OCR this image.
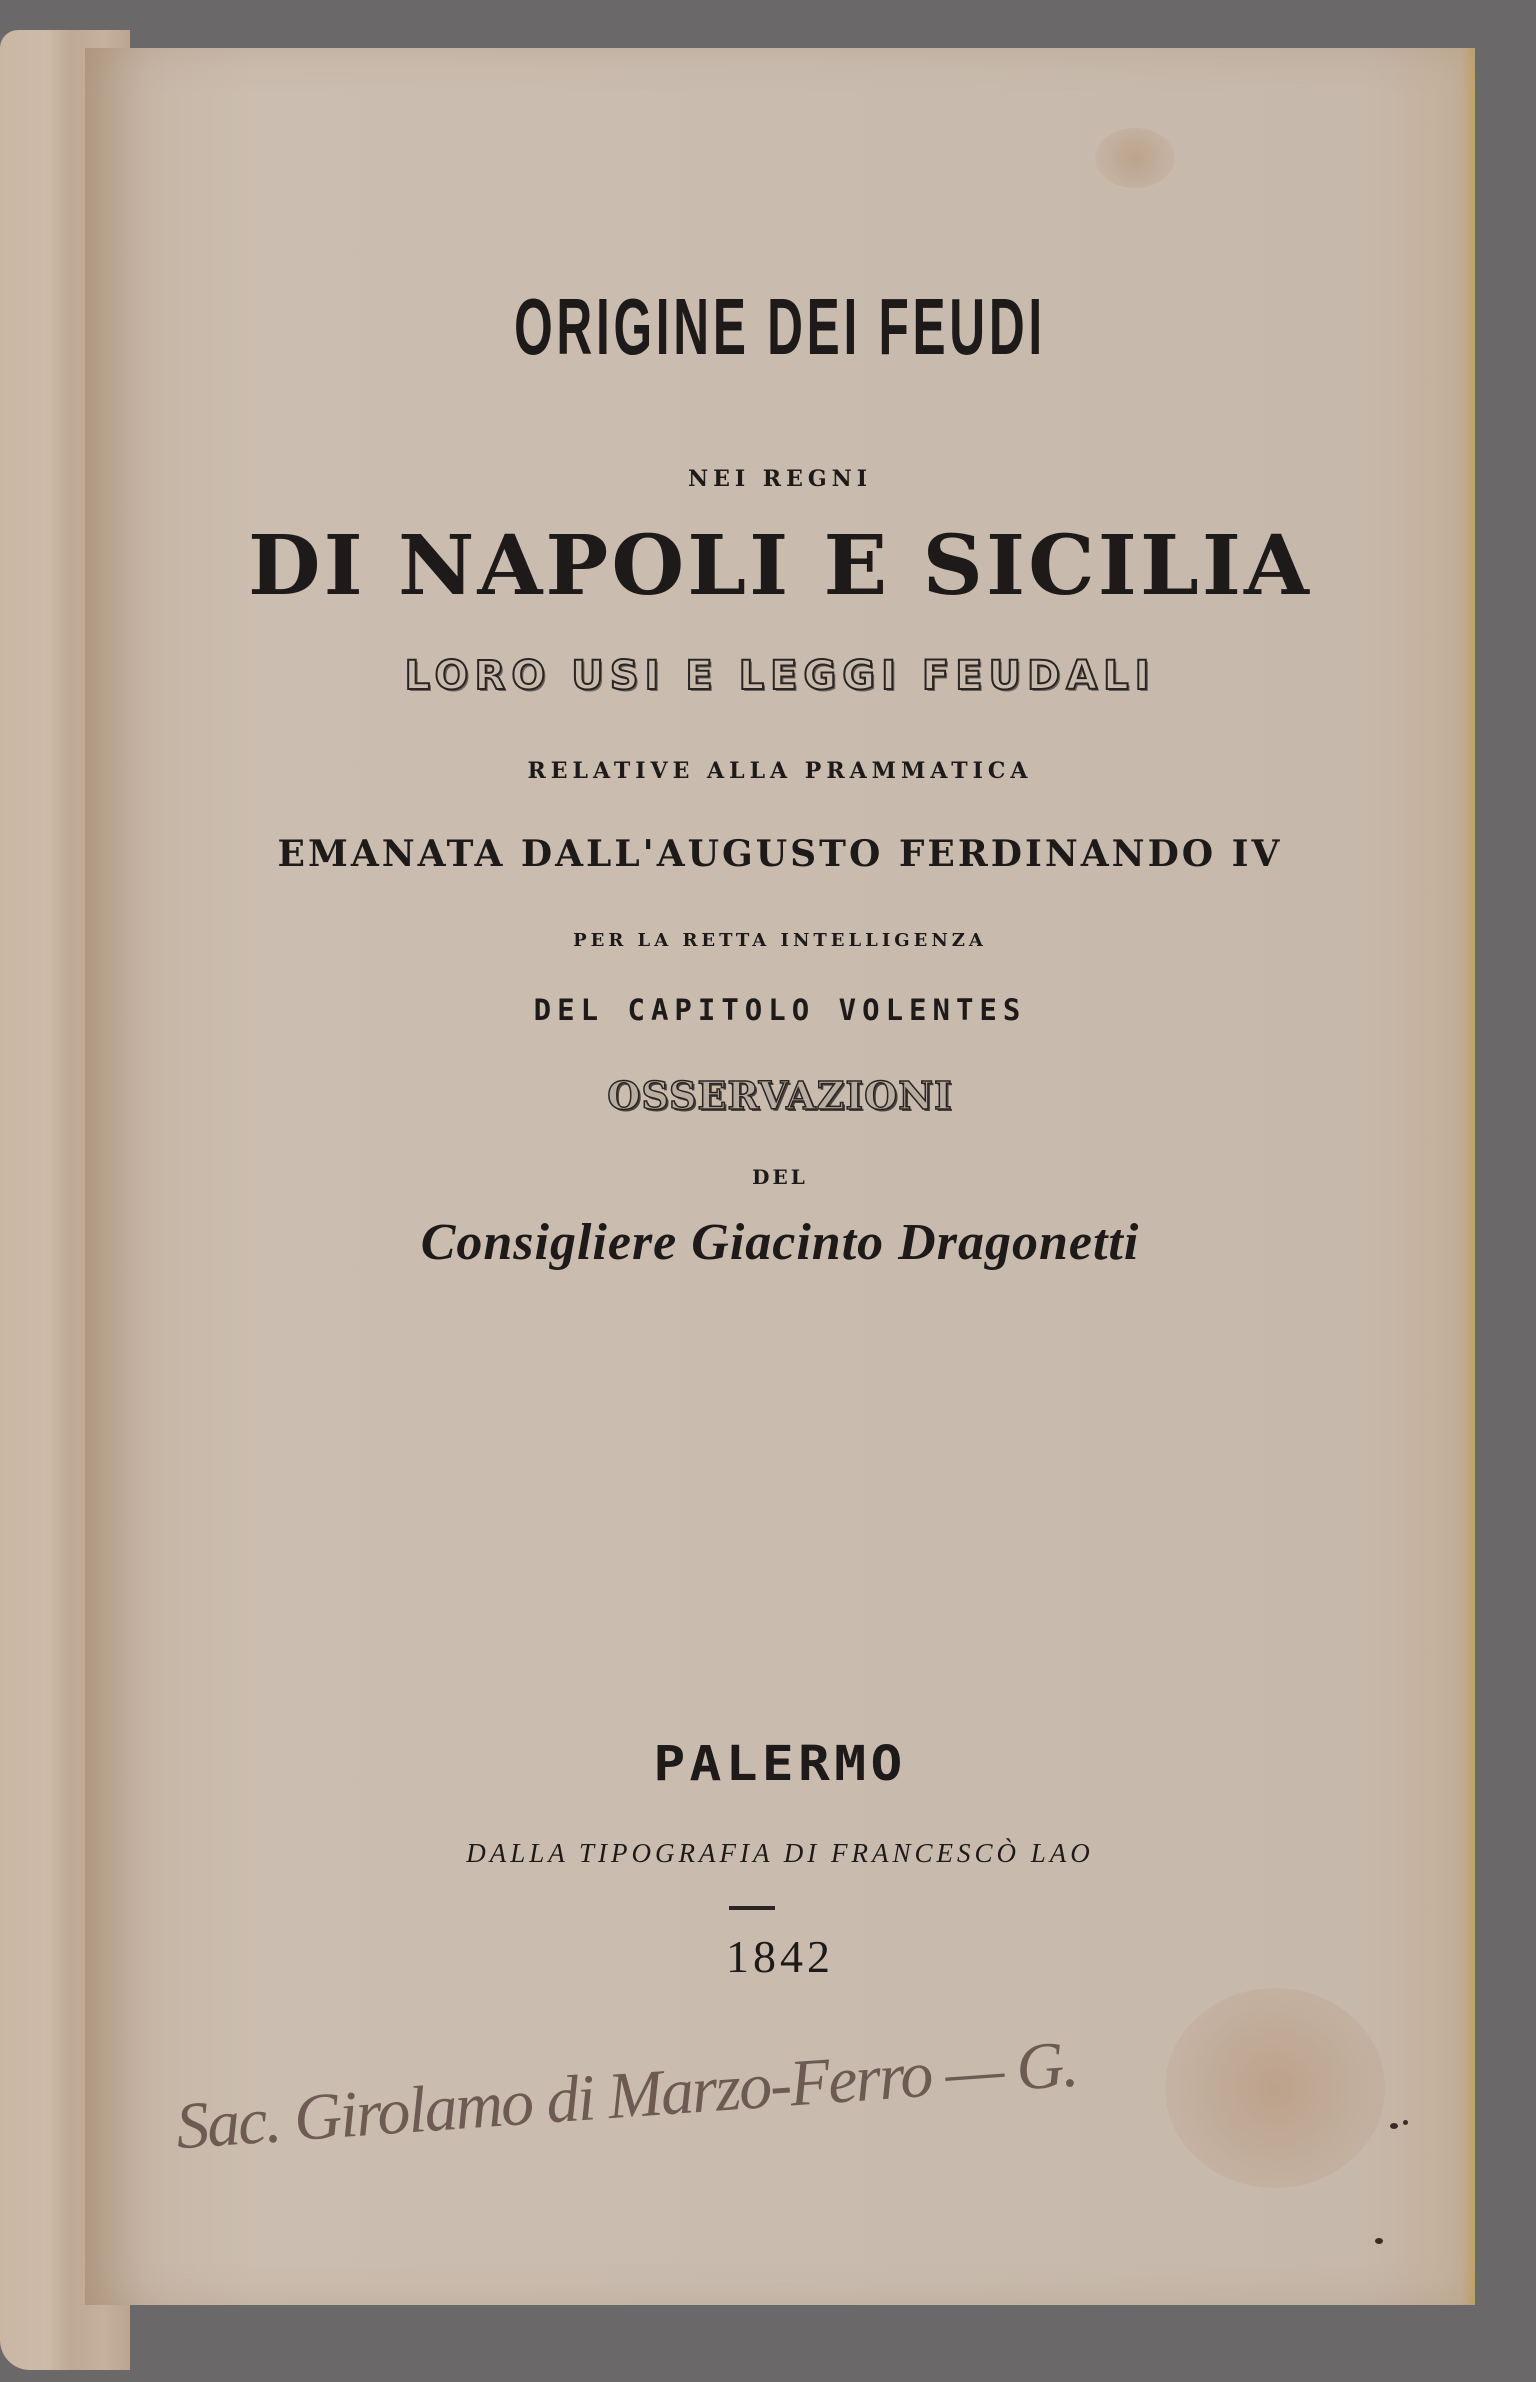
ORIGINE DEI FEUDI
NEI REGNI
DI NAPOLI E SICILIA
LORO USI E LEGGI FEUDALI
RELATIVE ALLA PRAMMATICA
EMANATA DALL'AUGUSTO FERDINANDO IV
PER LA RETTA INTELLIGENZA
DEL CAPITOLO VOLENTES
OSSERVAZIONI
DEL
Consigliere Giacinto Dragonetti
PALERMO
DALLA TIPOGRAFIA DI FRANCESCÒ LAO
1842
Sac. Girolamo di Marzo-Ferro — G.
